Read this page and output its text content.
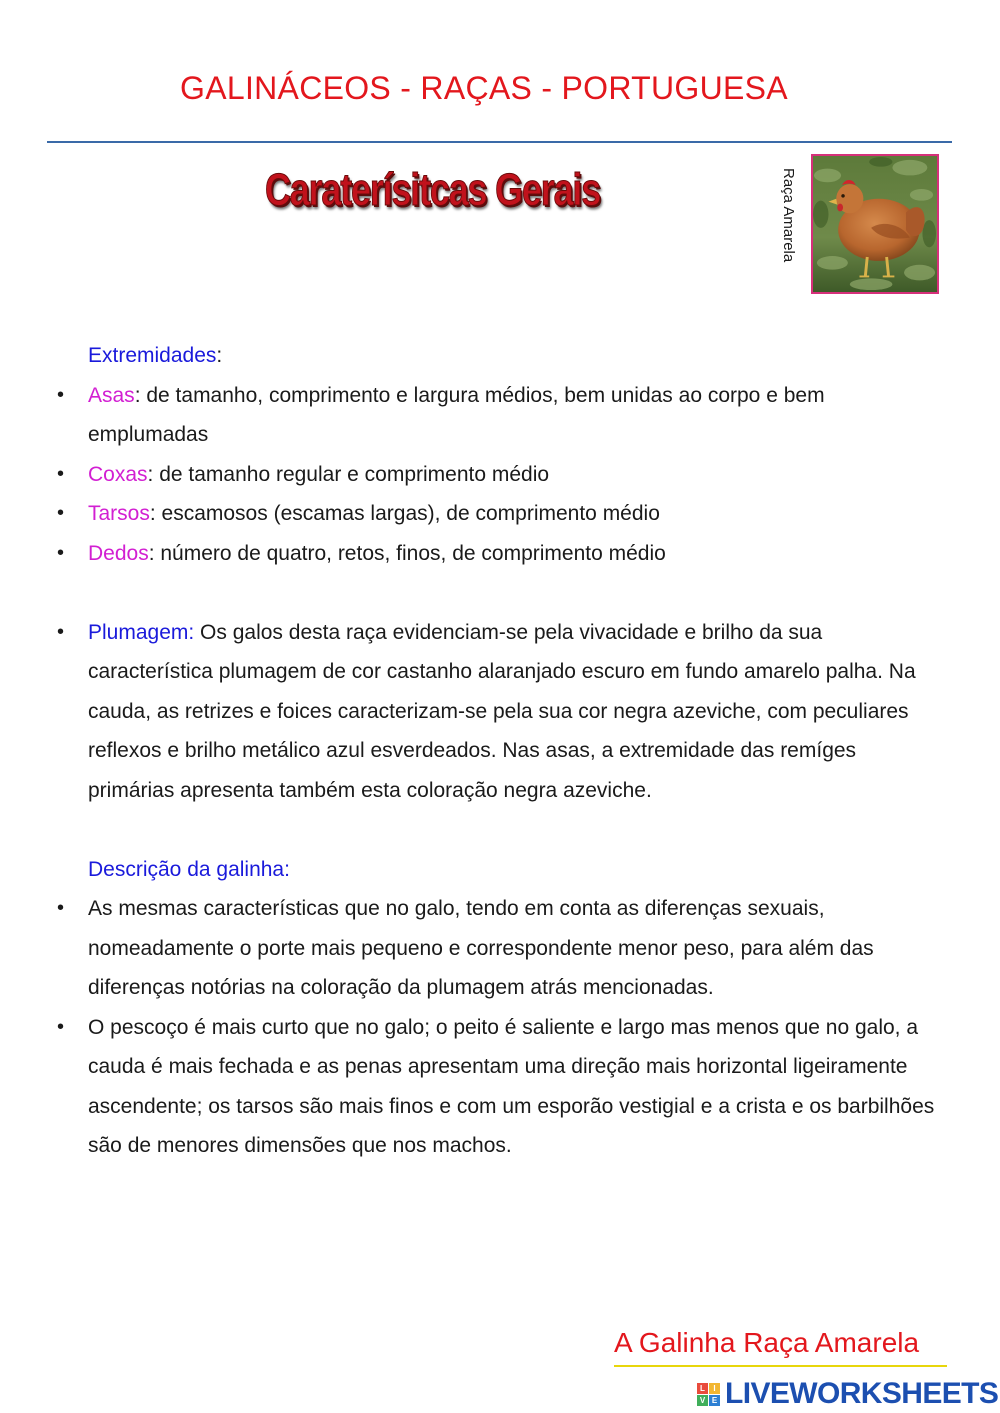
GALINÁCEOS - RAÇAS - PORTUGUESA
Caraterísitcas Gerais	Raça Amarela

Extremidades:

• Asas: de tamanho, comprimento e largura médios, bem unidas ao corpo e bem emplumadas
• Coxas: de tamanho regular e comprimento médio
• Tarsos: escamosos (escamas largas), de comprimento médio
• Dedos: número de quatro, retos, finos, de comprimento médio
• Plumagem: Os galos desta raça evidenciam-se pela vivacidade e brilho da sua característica plumagem de cor castanho alaranjado escuro em fundo amarelo palha. Na cauda, as retrizes e foices caracterizam-se pela sua cor negra azeviche, com peculiares reflexos e brilho metálico azul esverdeados. Nas asas, a extremidade das remíges primárias apresenta também esta coloração negra azeviche.

Descrição da galinha:

• As mesmas características que no galo, tendo em conta as diferenças sexuais, nomeadamente o porte mais pequeno e correspondente menor peso, para além das diferenças notórias na coloração da plumagem atrás mencionadas.
• O pescoço é mais curto que no galo; o peito é saliente e largo mas menos que no galo, a cauda é mais fechada e as penas apresentam uma direção mais horizontal ligeiramente ascendente; os tarsos são mais finos e com um esporão vestigial e a crista e os barbilhões são de menores dimensões que nos machos.
A Galinha Raça Amarela
L	I
V E LIVEWORKSHEETS
